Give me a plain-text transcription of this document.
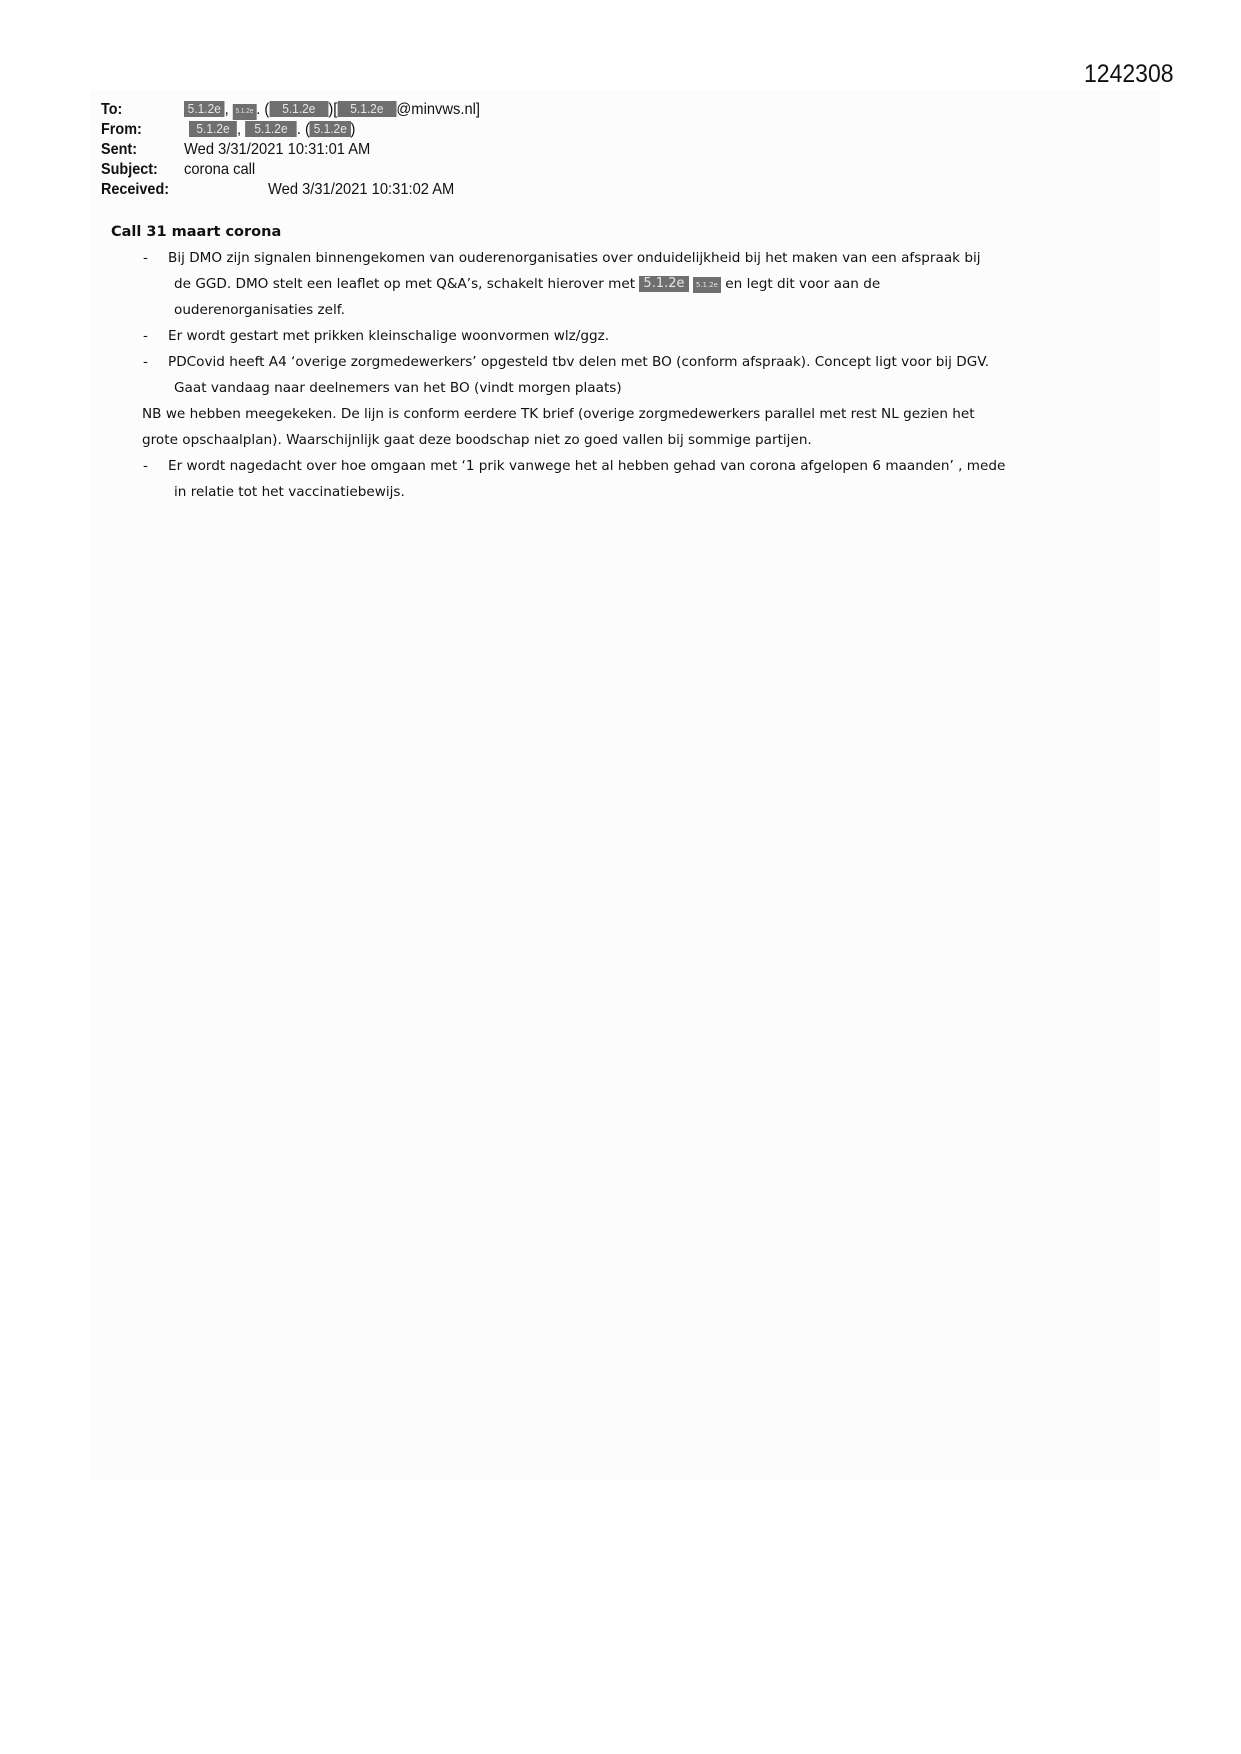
1242308
To:	5.1.2e , 5.1.2e . ( 5.1.2e )[ 5.1.2e @minvws.nl]
From:	5.1.2e , 5.1.2e . ( 5.1.2e )
Sent:	Wed 3/31/2021 10:31:01 AM
Subject: corona call
Received:	Wed 3/31/2021 10:31:02 AM
Call 31 maart corona
- Bij DMO zijn signalen binnengekomen van ouderenorganisaties over onduidelijkheid bij het maken van een afspraak bij
de GGD. DMO stelt een leaflet op met Q&A’s, schakelt hierover met 5.1.2e 5.1.2e en legt dit voor aan de
ouderenorganisaties zelf.
- Er wordt gestart met prikken kleinschalige woonvormen wlz/ggz.
- PDCovid heeft A4 ‘overige zorgmedewerkers’ opgesteld tbv delen met BO (conform afspraak). Concept ligt voor bij DGV.
Gaat vandaag naar deelnemers van het BO (vindt morgen plaats)
NB we hebben meegekeken. De lijn is conform eerdere TK brief (overige zorgmedewerkers parallel met rest NL gezien het
grote opschaalplan). Waarschijnlijk gaat deze boodschap niet zo goed vallen bij sommige partijen.
- Er wordt nagedacht over hoe omgaan met ‘1 prik vanwege het al hebben gehad van corona afgelopen 6 maanden’ , mede
in relatie tot het vaccinatiebewijs.
